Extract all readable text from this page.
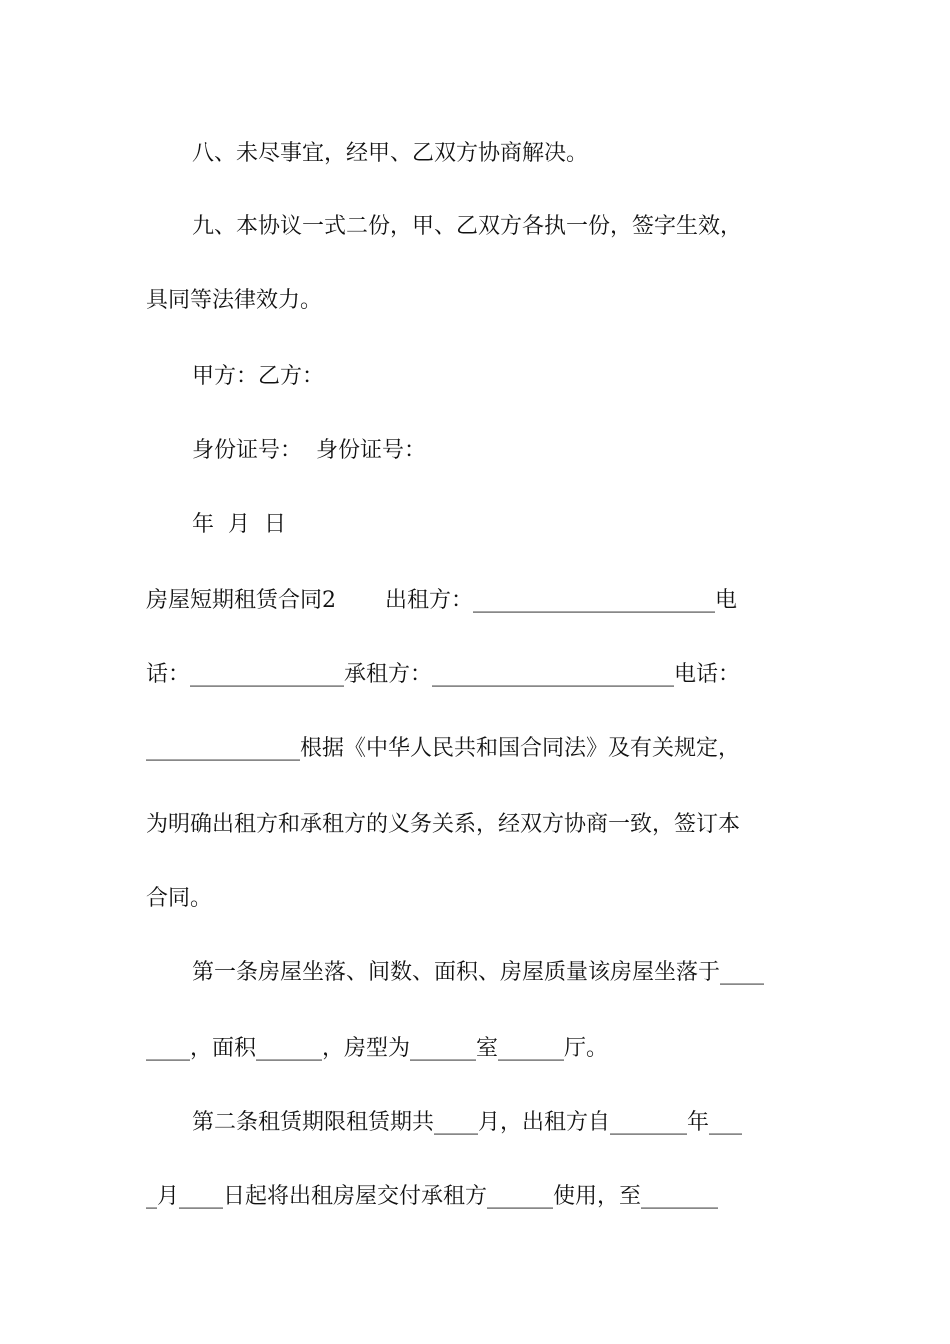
八、未尽事宜，经甲、乙双方协商解决。
九、本协议一式二份，甲、乙双方各执一份，签字生效，
具同等法律效力。
甲方：乙方：
身份证号：  身份证号：
年  月  日
房屋短期租赁合同2       出租方：______________________电
话：______________承租方：______________________电话：
______________根据《中华人民共和国合同法》及有关规定，
为明确出租方和承租方的义务关系，经双方协商一致，签订本
合同。
第一条房屋坐落、间数、面积、房屋质量该房屋坐落于____
____，面积______，房型为______室______厅。
第二条租赁期限租赁期共____月，出租方自_______年___
_月____日起将出租房屋交付承租方______使用，至_______
